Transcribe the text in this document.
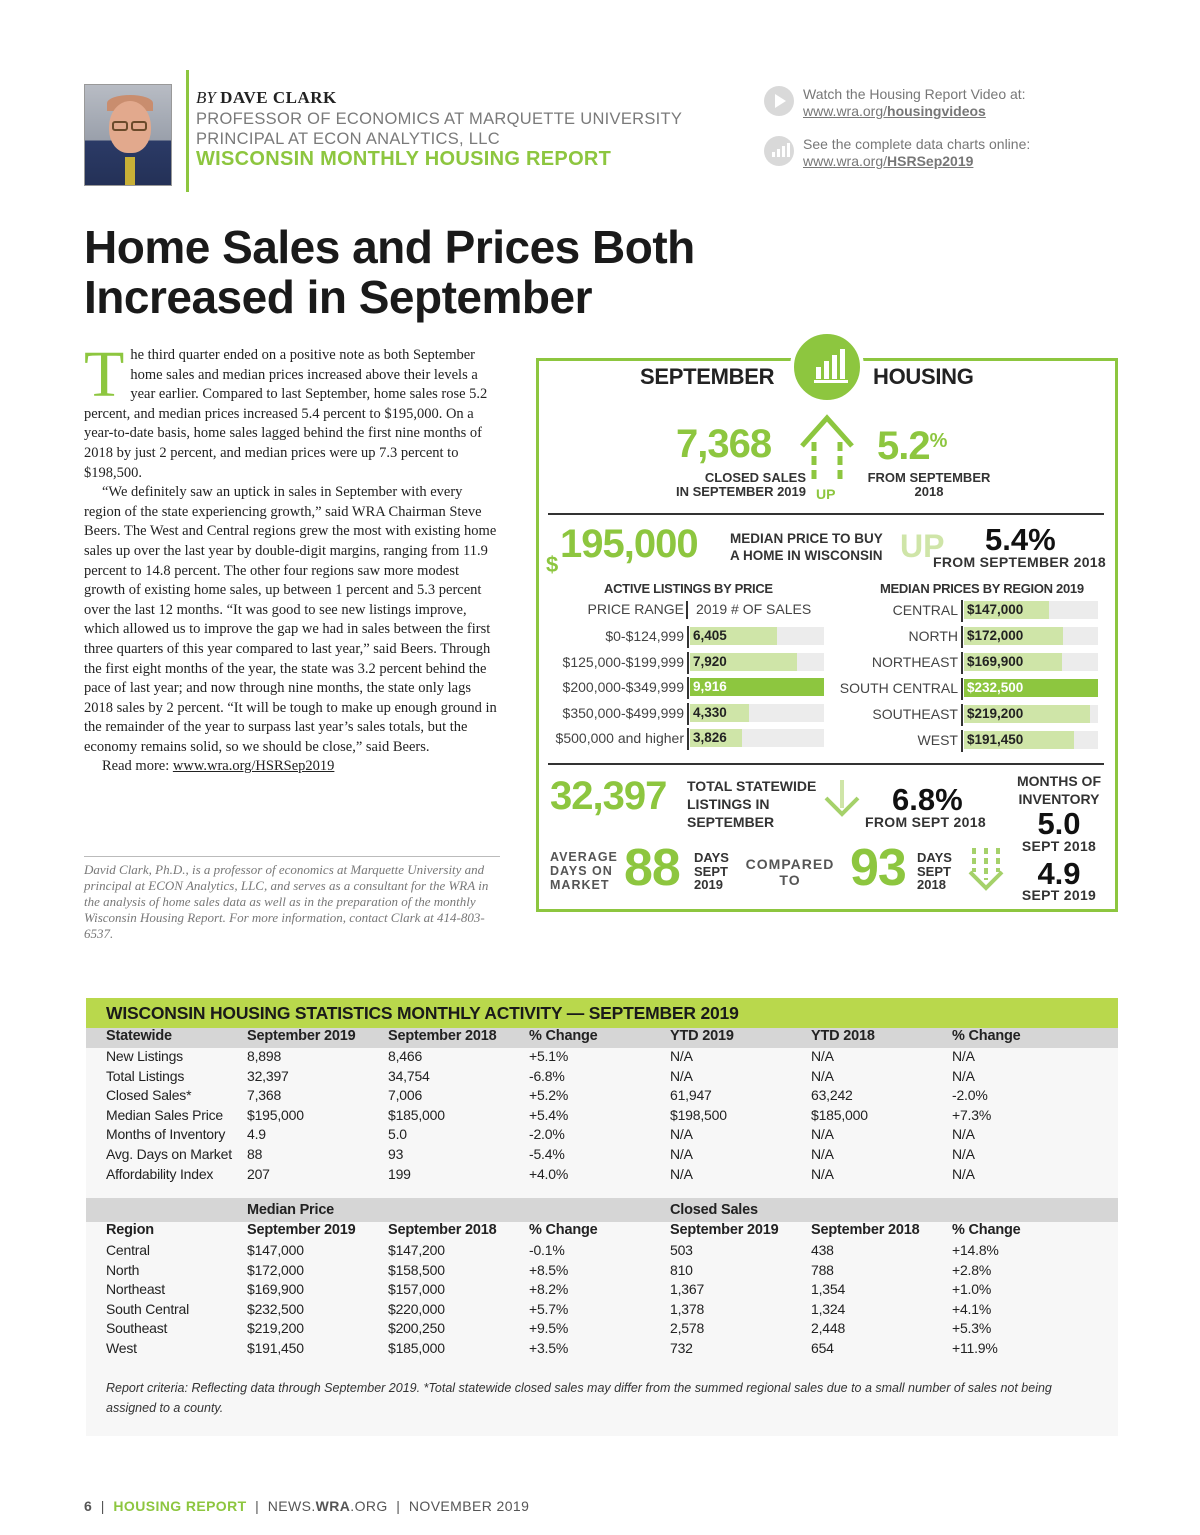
BY DAVE CLARK
PROFESSOR OF ECONOMICS AT MARQUETTE UNIVERSITY
PRINCIPAL AT ECON ANALYTICS, LLC
WISCONSIN MONTHLY HOUSING REPORT
Watch the Housing Report Video at:
www.wra.org/housingvideos
See the complete data charts online:
www.wra.org/HSRSep2019
Home Sales and Prices Both
Increased in September

The third quarter ended on a positive note as both September home sales and median prices increased above their levels a year earlier. Compared to last September, home sales rose 5.2 percent, and median prices increased 5.4 percent to $195,000. On a year-to-date basis, home sales lagged behind the first nine months of 2018 by just 2 percent, and median prices were up 7.3 percent to $198,500.

“We definitely saw an uptick in sales in September with every region of the state experiencing growth,” said WRA Chairman Steve Beers. The West and Central regions grew the most with existing home sales up over the last year by double-digit margins, ranging from 11.9 percent to 14.8 percent. The other four regions saw more modest growth of existing home sales, up between 1 percent and 5.3 percent over the last 12 months. “It was good to see new listings improve, which allowed us to improve the gap we had in sales between the first three quarters of this year compared to last year,” said Beers. Through the first eight months of the year, the state was 3.2 percent behind the pace of last year; and now through nine months, the state only lags 2018 sales by 2 percent. “It will be tough to make up enough ground in the remainder of the year to surpass last year’s sales totals, but the economy remains solid, so we should be close,” said Beers.

Read more: www.wra.org/HSRSep2019

David Clark, Ph.D., is a professor of economics at Marquette University and principal at ECON Analytics, LLC, and serves as a consultant for the WRA in the analysis of home sales data as well as in the preparation of the monthly Wisconsin Housing Report. For more information, contact Clark at 414-803-6537.
SEPTEMBER	HOUSING
7,368
CLOSED SALES
IN SEPTEMBER 2019 UP
5.2%
FROM SEPTEMBER
2018
$ 195,000 MEDIAN PRICE TO BUY
A HOME IN WISCONSIN UP 5.4%
FROM SEPTEMBER 2018
ACTIVE LISTINGS BY PRICE	MEDIAN PRICES BY REGION 2019
PRICE RANGE 2019 # OF SALES
$0-$124,999 6,405
$125,000-$199,999 7,920
$200,000-$349,999 9,916
$350,000-$499,999 4,330
$500,000 and higher 3,826
CENTRAL $147,000
NORTH $172,000
NORTHEAST $169,900
SOUTH CENTRAL $232,500
SOUTHEAST $219,200
WEST $191,450
32,397 TOTAL STATEWIDE
LISTINGS IN
SEPTEMBER
6.8%
FROM SEPT 2018
MONTHS OF
INVENTORY
5.0
SEPT 2018
4.9
SEPT 2019
AVERAGE
DAYS ON
MARKET 88 DAYS
SEPT
2019
COMPARED
TO 93 DAYS
SEPT
2018
WISCONSIN HOUSING STATISTICS MONTHLY ACTIVITY — SEPTEMBER 2019
Statewide	September 2019 September 2018 % Change	YTD 2019	YTD 2018	% Change
New Listings	8,898	8,466	+5.1%	N/A	N/A	N/A
Total Listings	32,397	34,754	-6.8%	N/A	N/A	N/A
Closed Sales*	7,368	7,006	+5.2%	61,947	63,242	-2.0%
Median Sales Price $195,000	$185,000	+5.4%	$198,500	$185,000	+7.3%
Months of Inventory 4.9	5.0	-2.0%	N/A	N/A	N/A
Avg. Days on Market 88	93	-5.4%	N/A	N/A	N/A
Affordability Index 207	199	+4.0%	N/A	N/A	N/A
Median Price	Closed Sales
Region	September 2019 September 2018 % Change	September 2019 September 2018 % Change
Central	$147,000	$147,200	-0.1%	503	438	+14.8%
North	$172,000	$158,500	+8.5%	810	788	+2.8%
Northeast	$169,900	$157,000	+8.2%	1,367	1,354	+1.0%
South Central	$232,500	$220,000	+5.7%	1,378	1,324	+4.1%
Southeast	$219,200	$200,250	+9.5%	2,578	2,448	+5.3%
West	$191,450	$185,000	+3.5%	732	654	+11.9%
Report criteria: Reflecting data through September 2019. *Total statewide closed sales may differ from the summed regional sales due to a small number of sales not being assigned to a county.
6  |  HOUSING REPORT  |  NEWS.WRA.ORG  |  NOVEMBER 2019
